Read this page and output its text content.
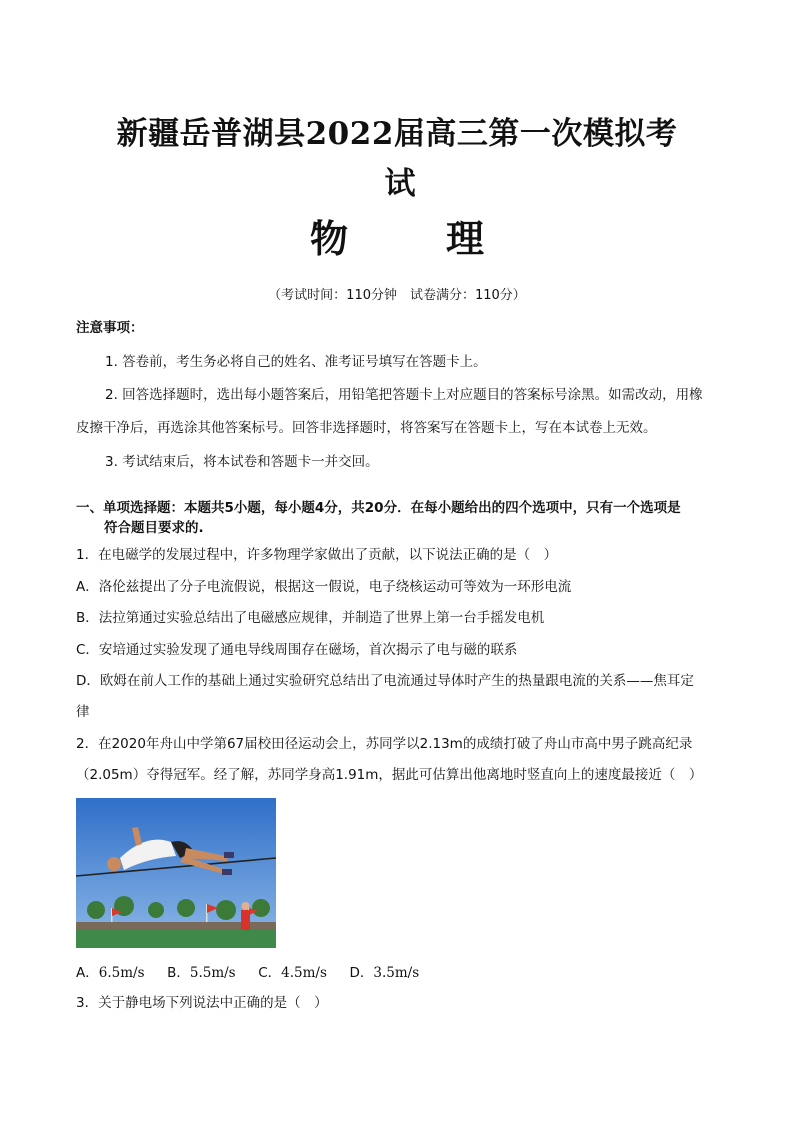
新疆岳普湖县2022届高三第一次模拟考
试
物　理
（考试时间：110分钟　试卷满分：110分）
注意事项：
1. 答卷前，考生务必将自己的姓名、准考证号填写在答题卡上。
2. 回答选择题时，选出每小题答案后，用铅笔把答题卡上对应题目的答案标号涂黑。如需改动，用橡
皮擦干净后，再选涂其他答案标号。回答非选择题时，将答案写在答题卡上，写在本试卷上无效。
3. 考试结束后，将本试卷和答题卡一并交回。
一、单项选择题：本题共5小题，每小题4分，共20分．在每小题给出的四个选项中，只有一个选项是
符合题目要求的.
1．在电磁学的发展过程中，许多物理学家做出了贡献，以下说法正确的是（　）
A．洛伦兹提出了分子电流假说，根据这一假说，电子绕核运动可等效为一环形电流
B．法拉第通过实验总结出了电磁感应规律，并制造了世界上第一台手摇发电机
C．安培通过实验发现了通电导线周围存在磁场，首次揭示了电与磁的联系
D．欧姆在前人工作的基础上通过实验研究总结出了电流通过导体时产生的热量跟电流的关系——焦耳定
律
2．在2020年舟山中学第67届校田径运动会上，苏同学以2.13m的成绩打破了舟山市高中男子跳高纪录
（2.05m）夺得冠军。经了解，苏同学身高1.91m，据此可估算出他离地时竖直向上的速度最接近（　）
A．6.5m/s B．5.5m/s C．4.5m/s D．3.5m/s
3．关于静电场下列说法中正确的是（　）
